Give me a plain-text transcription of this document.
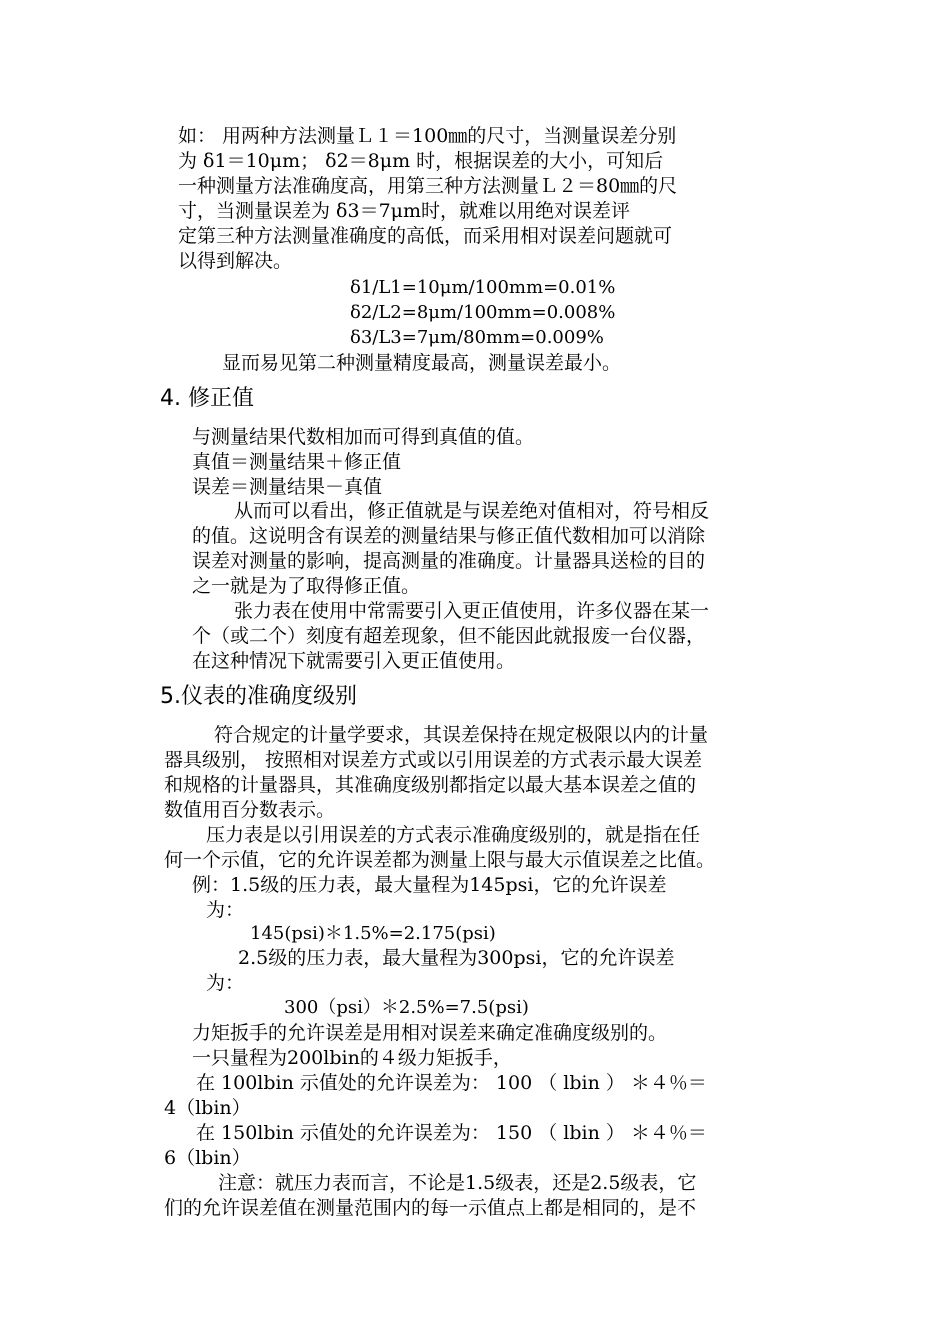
如： 用两种方法测量Ｌ１＝100㎜的尺寸，当测量误差分别
为 δ1＝10μm； δ2＝8μm 时，根据误差的大小，可知后
一种测量方法准确度高，用第三种方法测量Ｌ２＝80㎜的尺
寸，当测量误差为 δ3＝7μm时，就难以用绝对误差评
定第三种方法测量准确度的高低，而采用相对误差问题就可
以得到解决。
δ1/L1=10μm/100mm=0.01%
δ2/L2=8μm/100mm=0.008%
δ3/L3=7μm/80mm=0.009%
显而易见第二种测量精度最高，测量误差最小。
4. 修正值
与测量结果代数相加而可得到真值的值。
真值＝测量结果＋修正值
误差＝测量结果－真值
从而可以看出，修正值就是与误差绝对值相对，符号相反
的值。这说明含有误差的测量结果与修正值代数相加可以消除
误差对测量的影响，提高测量的准确度。计量器具送检的目的
之一就是为了取得修正值。
张力表在使用中常需要引入更正值使用，许多仪器在某一
个（或二个）刻度有超差现象，但不能因此就报废一台仪器，
在这种情况下就需要引入更正值使用。
5.仪表的准确度级别
符合规定的计量学要求，其误差保持在规定极限以内的计量
器具级别， 按照相对误差方式或以引用误差的方式表示最大误差
和规格的计量器具，其准确度级别都指定以最大基本误差之值的
数值用百分数表示。
压力表是以引用误差的方式表示准确度级别的，就是指在任
何一个示值，它的允许误差都为测量上限与最大示值误差之比值。
例：1.5级的压力表，最大量程为145psi，它的允许误差
为：
145(psi)＊1.5%=2.175(psi)
2.5级的压力表，最大量程为300psi，它的允许误差
为：
300（psi）＊2.5%=7.5(psi)
力矩扳手的允许误差是用相对误差来确定准确度级别的。
一只量程为200lbin的４级力矩扳手，
在 100lbin 示值处的允许误差为： 100 （ lbin ） ＊４％＝
4（lbin）
在 150lbin 示值处的允许误差为： 150 （ lbin ） ＊４％＝
6（lbin）
注意：就压力表而言，不论是1.5级表，还是2.5级表，它
们的允许误差值在测量范围内的每一示值点上都是相同的，是不
